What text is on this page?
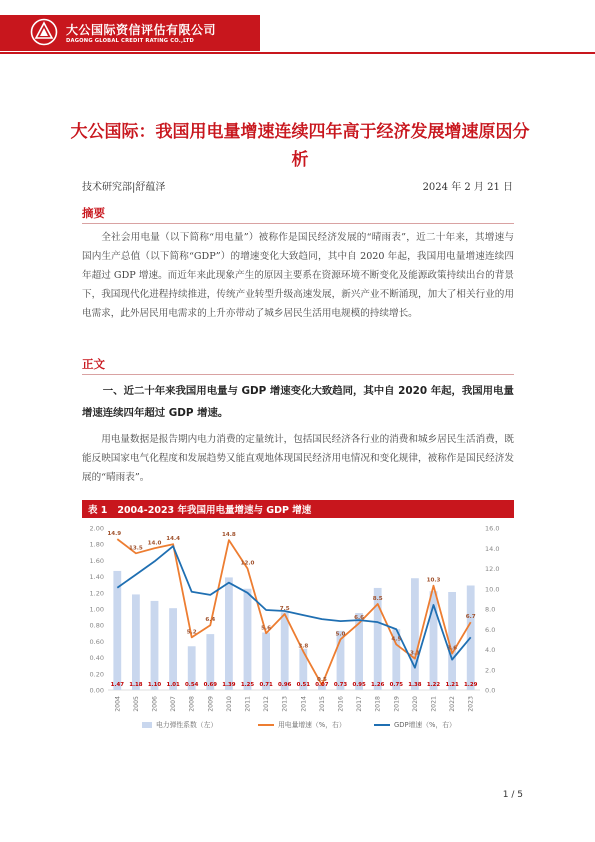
大公国际资信评估有限公司
DAGONG GLOBAL CREDIT RATING CO.,LTD
大公国际：我国用电量增速连续四年高于经济发展增速原因分析
技术研究部|舒蕴泽	2024 年 2 月 21 日
摘要
全社会用电量（以下简称“用电量”）被称作是国民经济发展的“晴雨表”，近二十年来，其增速与国内生产总值（以下简称“GDP”）的增速变化大致趋同，其中自 2020 年起，我国用电量增速连续四年超过 GDP 增速。而近年来此现象产生的原因主要系在资源环境不断变化及能源政策持续出台的背景下，我国现代化进程持续推进，传统产业转型升级高速发展，新兴产业不断涌现，加大了相关行业的用电需求，此外居民用电需求的上升亦带动了城乡居民生活用电规模的持续增长。
正文
一、近二十年来我国用电量与 GDP 增速变化大致趋同，其中自 2020 年起，我国用电量增速连续四年超过 GDP 增速。
用电量数据是报告期内电力消费的定量统计，包括国民经济各行业的消费和城乡居民生活消费，既能反映国家电气化程度和发展趋势又能直观地体现国民经济用电情况和变化规律，被称作是国民经济发展的“晴雨表”。
表 1   2004-2023 年我国用电量增速与 GDP 增速
0.00
0.20
0.40
0.60
0.80
1.00
1.20
1.40
1.60
1.80
2.00
0.0
2.0
4.0
6.0
8.0
10.0
12.0
14.0
16.0
1.47 1.18 1.10 1.01 0.54 0.69 1.39 1.25 0.71 0.96 0.51 0.07 0.73 0.95 1.26 0.75 1.38 1.22 1.21 1.29
14.9
13.5
14.0
14.4
5.2
6.4
14.8
12.0
5.6
7.5
3.8
0.5
5.0
6.6
8.5
4.5
3.1
10.3
3.6
6.7
2004 2005 2006 2007 2008 2009 2010 2011 2012 2013 2014 2015 2016 2017 2018 2019 2020 2021 2022 2023
电力弹性系数（左）	用电量增速（%，右）	GDP增速（%，右）
1 / 5
